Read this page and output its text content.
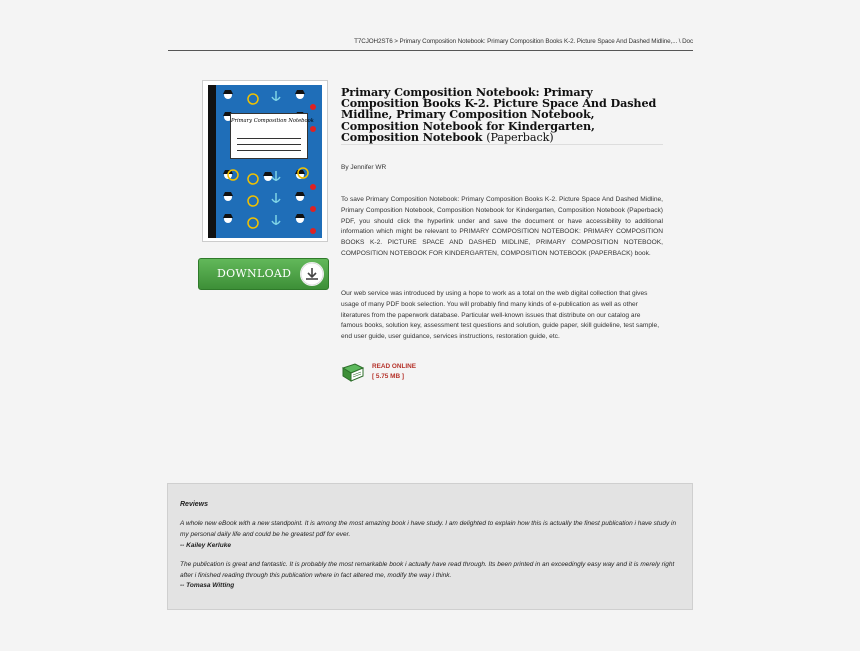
T7CJOH2ST6 > Primary Composition Notebook: Primary Composition Books K-2. Picture Space And Dashed Midline,... \ Doc
Primary Composition Notebook
DOWNLOAD
Primary Composition Notebook: Primary Composition Books K-2. Picture Space And Dashed Midline, Primary Composition Notebook, Composition Notebook for Kindergarten, Composition Notebook (Paperback)
By Jennifer WR

To save Primary Composition Notebook: Primary Composition Books K-2. Picture Space And Dashed Midline, Primary Composition Notebook, Composition Notebook for Kindergarten, Composition Notebook (Paperback) PDF, you should click the hyperlink under and save the document or have accessibility to additional information which might be relevant to PRIMARY COMPOSITION NOTEBOOK: PRIMARY COMPOSITION BOOKS K-2. PICTURE SPACE AND DASHED MIDLINE, PRIMARY COMPOSITION NOTEBOOK, COMPOSITION NOTEBOOK FOR KINDERGARTEN, COMPOSITION NOTEBOOK (PAPERBACK) book.

Our web service was introduced by using a hope to work as a total on the web digital collection that gives usage of many PDF book selection. You will probably find many kinds of e-publication as well as other literatures from the paperwork database. Particular well-known issues that distribute on our catalog are famous books, solution key, assessment test questions and solution, guide paper, skill guideline, test sample, end user guide, user guidance, services instructions, restoration guide, etc.

READ ONLINE
[ 5.75 MB ]
Reviews

A whole new eBook with a new standpoint. It is among the most amazing book i have study. I am delighted to explain how this is actually the finest publication i have study in my personal daily life and could be he greatest pdf for ever.

-- Kailey Kerluke

The publication is great and fantastic. It is probably the most remarkable book i actually have read through. Its been printed in an exceedingly easy way and it is merely right after i finished reading through this publication where in fact altered me, modify the way i think.

-- Tomasa Witting
